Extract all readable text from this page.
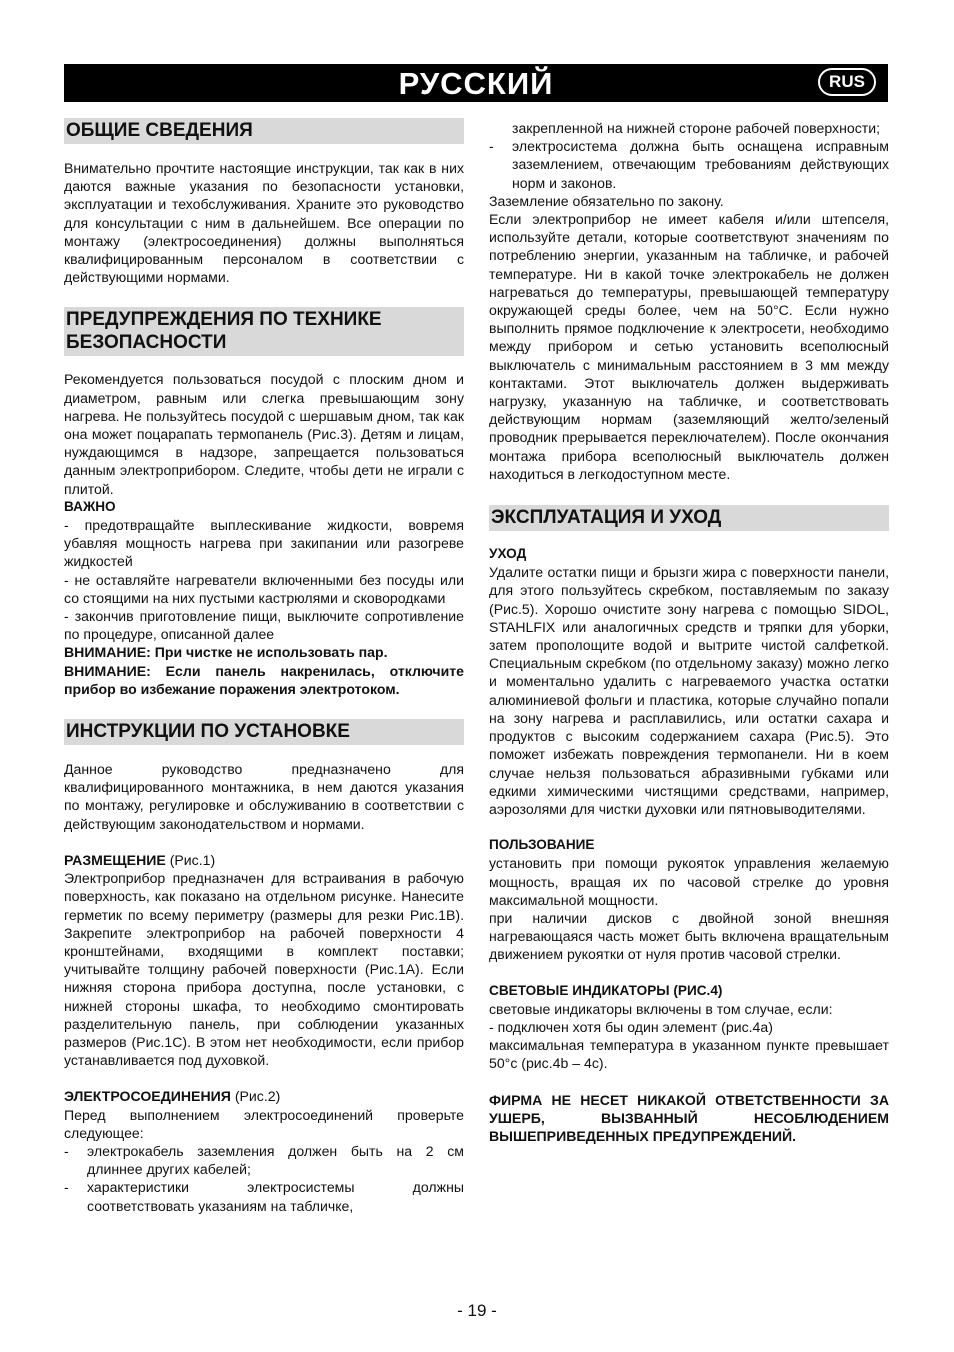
РУССКИЙ	RUS
ОБЩИЕ СВЕДЕНИЯ

Внимательно прочтите настоящие инструкции, так как в них даются важные указания по безопасности установки, эксплуатации и техобслуживания. Храните это руководство для консультации с ним в дальнейшем. Все операции по монтажу (электросоединения) должны выполняться квалифицированным персоналом в соответствии с действующими нормами.

ПРЕДУПРЕЖДЕНИЯ ПО ТЕХНИКЕ БЕЗОПАСНОСТИ

Рекомендуется пользоваться посудой с плоским дном и диаметром, равным или слегка превышающим зону нагрева. Не пользуйтесь посудой с шершавым дном, так как она может поцарапать термопанель (Рис.3). Детям и лицам, нуждающимся в надзоре, запрещается пользоваться данным электроприбором. Следите, чтобы дети не играли с плитой.

ВАЖНО

- предотвращайте выплескивание жидкости, вовремя убавляя мощность нагрева при закипании или разогреве жидкостей

- не оставляйте нагреватели включенными без посуды или со стоящими на них пустыми кастрюлями и сковородками

- закончив приготовление пищи, выключите сопротивление по процедуре, описанной далее

ВНИМАНИЕ: При чистке не использовать пар.

ВНИМАНИЕ: Если панель накренилась, отключите прибор во избежание поражения электротоком.

ИНСТРУКЦИИ ПО УСТАНОВКЕ

Данное руководство предназначено для квалифицированного монтажника, в нем даются указания по монтажу, регулировке и обслуживанию в соответствии с действующим законодательством и нормами.

РАЗМЕЩЕНИЕ (Рис.1)

Электроприбор предназначен для встраивания в рабочую поверхность, как показано на отдельном рисунке. Нанесите герметик по всему периметру (размеры для резки Рис.1B). Закрепите электроприбор на рабочей поверхности 4 кронштейнами, входящими в комплект поставки; учитывайте толщину рабочей поверхности (Рис.1A). Если нижняя сторона прибора доступна, после установки, с нижней стороны шкафа, то необходимо смонтировать разделительную панель, при соблюдении указанных размеров (Рис.1C). В этом нет необходимости, если прибор устанавливается под духовкой.

ЭЛЕКТРОСОЕДИНЕНИЯ (Рис.2)

Перед выполнением электросоединений проверьте следующее:

-	электрокабель заземления должен быть на 2 см длиннее других кабелей;
-	характеристики электросистемы должны соответствовать указаниям на табличке,
закрепленной на нижней стороне рабочей поверхности;
-	электросистема должна быть оснащена исправным заземлением, отвечающим требованиям действующих норм и законов.

Заземление обязательно по закону.

Если электроприбор не имеет кабеля и/или штепселя, используйте детали, которые соответствуют значениям по потреблению энергии, указанным на табличке, и рабочей температуре. Ни в какой точке электрокабель не должен нагреваться до температуры, превышающей температуру окружающей среды более, чем на 50°C. Если нужно выполнить прямое подключение к электросети, необходимо между прибором и сетью установить всеполюсный выключатель с минимальным расстоянием в 3 мм между контактами. Этот выключатель должен выдерживать нагрузку, указанную на табличке, и соответствовать действующим нормам (заземляющий желто/зеленый проводник прерывается переключателем). После окончания монтажа прибора всеполюсный выключатель должен находиться в легкодоступном месте.

ЭКСПЛУАТАЦИЯ И УХОД
УХОД

Удалите остатки пищи и брызги жира с поверхности панели, для этого пользуйтесь скребком, поставляемым по заказу (Рис.5). Хорошо очистите зону нагрева с помощью SIDOL, STAHLFIX или аналогичных средств и тряпки для уборки, затем прополощите водой и вытрите чистой салфеткой. Специальным скребком (по отдельному заказу) можно легко и моментально удалить с нагреваемого участка остатки алюминиевой фольги и пластика, которые случайно попали на зону нагрева и расплавились, или остатки сахара и продуктов с высоким содержанием сахара (Рис.5). Это поможет избежать повреждения термопанели. Ни в коем случае нельзя пользоваться абразивными губками или едкими химическими чистящими средствами, например, аэрозолями для чистки духовки или пятновыводителями.

ПОЛЬЗОВАНИЕ

установить при помощи рукояток управления желаемую мощность, вращая их по часовой стрелке до уровня максимальной мощности.

при наличии дисков с двойной зоной внешняя нагревающаяся часть может быть включена вращательным движением рукоятки от нуля против часовой стрелки.

СВЕТОВЫЕ ИНДИКАТОРЫ (РИС.4)

световые индикаторы включены в том случае, если:

- подключен хотя бы один элемент (рис.4a)

максимальная температура в указанном пункте превышает 50°c (рис.4b – 4c).

ФИРМА НЕ НЕСЕТ НИКАКОЙ ОТВЕТСТВЕННОСТИ ЗА УШЕРБ, ВЫЗВАННЫЙ НЕСОБЛЮДЕНИЕМ ВЫШЕПРИВЕДЕННЫХ ПРЕДУПРЕЖДЕНИЙ.

- 19 -
